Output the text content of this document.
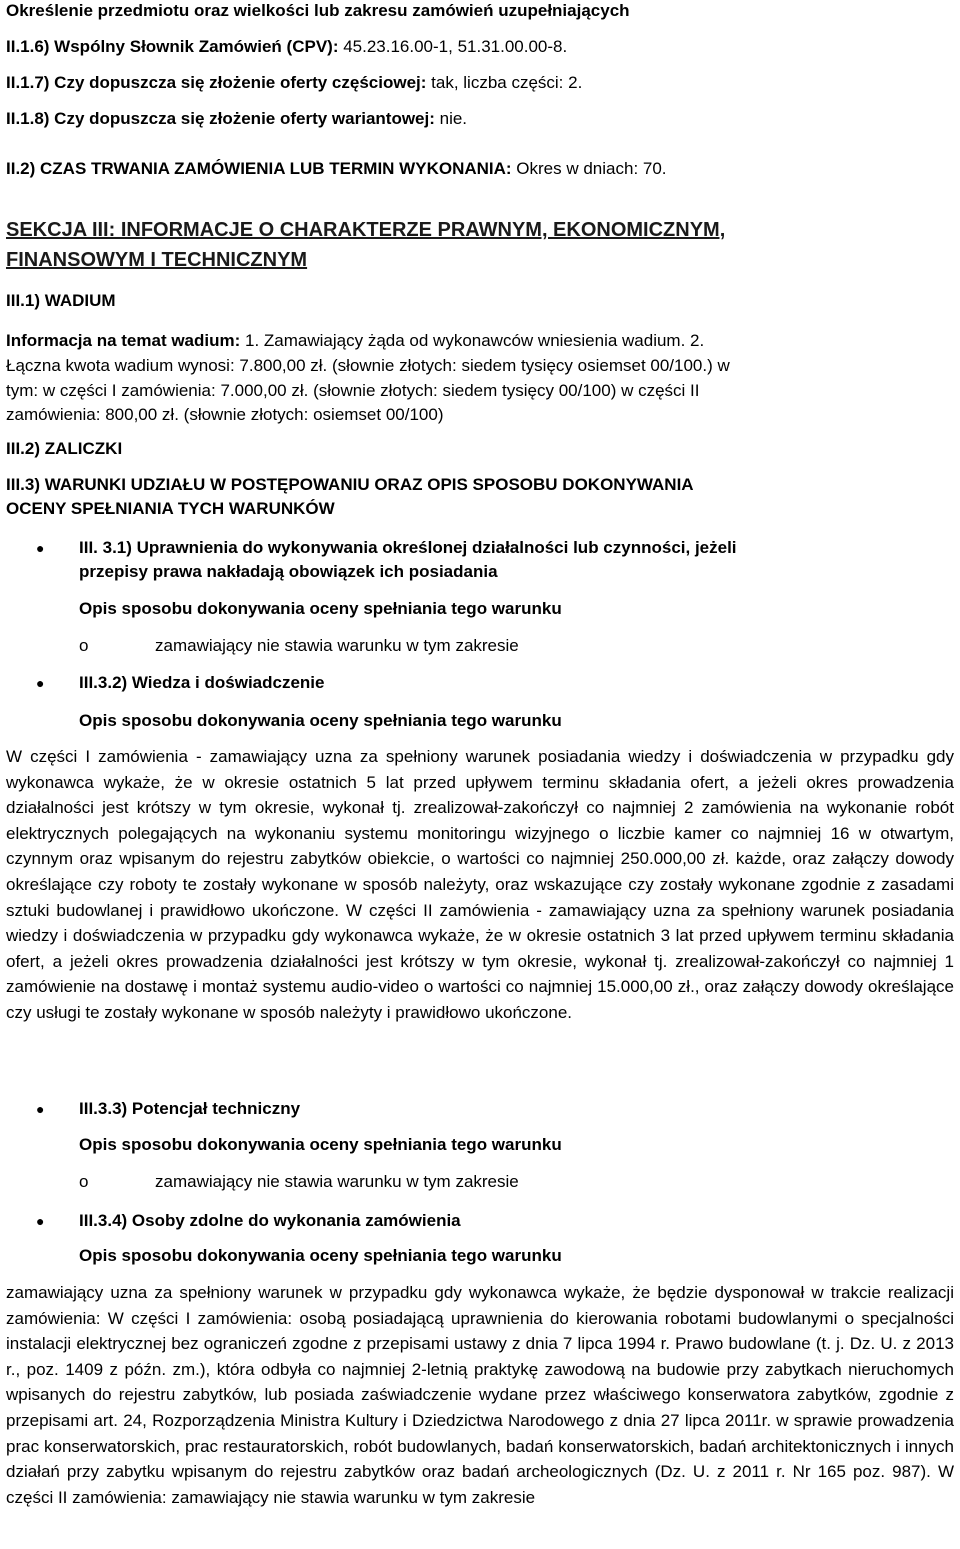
Określenie przedmiotu oraz wielkości lub zakresu zamówień uzupełniających
II.1.6) Wspólny Słownik Zamówień (CPV): 45.23.16.00-1, 51.31.00.00-8.
II.1.7) Czy dopuszcza się złożenie oferty częściowej: tak, liczba części: 2.
II.1.8) Czy dopuszcza się złożenie oferty wariantowej: nie.
II.2) CZAS TRWANIA ZAMÓWIENIA LUB TERMIN WYKONANIA: Okres w dniach: 70.
SEKCJA III: INFORMACJE O CHARAKTERZE PRAWNYM, EKONOMICZNYM,
FINANSOWYM I TECHNICZNYM
III.1) WADIUM
Informacja na temat wadium: 1. Zamawiający żąda od wykonawców wniesienia wadium. 2.
Łączna kwota wadium wynosi: 7.800,00 zł. (słownie złotych: siedem tysięcy osiemset 00/100.) w
tym: w części I zamówienia: 7.000,00 zł. (słownie złotych: siedem tysięcy 00/100) w części II
zamówienia: 800,00 zł. (słownie złotych: osiemset 00/100)
III.2) ZALICZKI
III.3) WARUNKI UDZIAŁU W POSTĘPOWANIU ORAZ OPIS SPOSOBU DOKONYWANIA
OCENY SPEŁNIANIA TYCH WARUNKÓW
● III. 3.1) Uprawnienia do wykonywania określonej działalności lub czynności, jeżeli
przepisy prawa nakładają obowiązek ich posiadania
Opis sposobu dokonywania oceny spełniania tego warunku
o	zamawiający nie stawia warunku w tym zakresie
● III.3.2) Wiedza i doświadczenie
Opis sposobu dokonywania oceny spełniania tego warunku
W części I zamówienia - zamawiający uzna za spełniony warunek posiadania wiedzy i doświadczenia w przypadku gdy wykonawca wykaże, że w okresie ostatnich 5 lat przed upływem terminu składania ofert, a jeżeli okres prowadzenia działalności jest krótszy w tym okresie, wykonał tj. zrealizował-zakończył co najmniej 2 zamówienia na wykonanie robót elektrycznych polegających na wykonaniu systemu monitoringu wizyjnego o liczbie kamer co najmniej 16 w otwartym, czynnym oraz wpisanym do rejestru zabytków obiekcie, o wartości co najmniej 250.000,00 zł. każde, oraz załączy dowody określające czy roboty te zostały wykonane w sposób należyty, oraz wskazujące czy zostały wykonane zgodnie z zasadami sztuki budowlanej i prawidłowo ukończone. W części II zamówienia - zamawiający uzna za spełniony warunek posiadania wiedzy i doświadczenia w przypadku gdy wykonawca wykaże, że w okresie ostatnich 3 lat przed upływem terminu składania ofert, a jeżeli okres prowadzenia działalności jest krótszy w tym okresie, wykonał tj. zrealizował-zakończył co najmniej 1 zamówienie na dostawę i montaż systemu audio-video o wartości co najmniej 15.000,00 zł., oraz załączy dowody określające czy usługi te zostały wykonane w sposób należyty i prawidłowo ukończone.
● III.3.3) Potencjał techniczny
Opis sposobu dokonywania oceny spełniania tego warunku
o	zamawiający nie stawia warunku w tym zakresie
● III.3.4) Osoby zdolne do wykonania zamówienia
Opis sposobu dokonywania oceny spełniania tego warunku
zamawiający uzna za spełniony warunek w przypadku gdy wykonawca wykaże, że będzie dysponował w trakcie realizacji zamówienia: W części I zamówienia: osobą posiadającą uprawnienia do kierowania robotami budowlanymi o specjalności instalacji elektrycznej bez ograniczeń zgodne z przepisami ustawy z dnia 7 lipca 1994 r. Prawo budowlane (t. j. Dz. U. z 2013 r., poz. 1409 z późn. zm.), która odbyła co najmniej 2-letnią praktykę zawodową na budowie przy zabytkach nieruchomych wpisanych do rejestru zabytków, lub posiada zaświadczenie wydane przez właściwego konserwatora zabytków, zgodnie z przepisami art. 24, Rozporządzenia Ministra Kultury i Dziedzictwa Narodowego z dnia 27 lipca 2011r. w sprawie prowadzenia prac konserwatorskich, prac restauratorskich, robót budowlanych, badań konserwatorskich, badań architektonicznych i innych działań przy zabytku wpisanym do rejestru zabytków oraz badań archeologicznych (Dz. U. z 2011 r. Nr 165 poz. 987). W części II zamówienia: zamawiający nie stawia warunku w tym zakresie
